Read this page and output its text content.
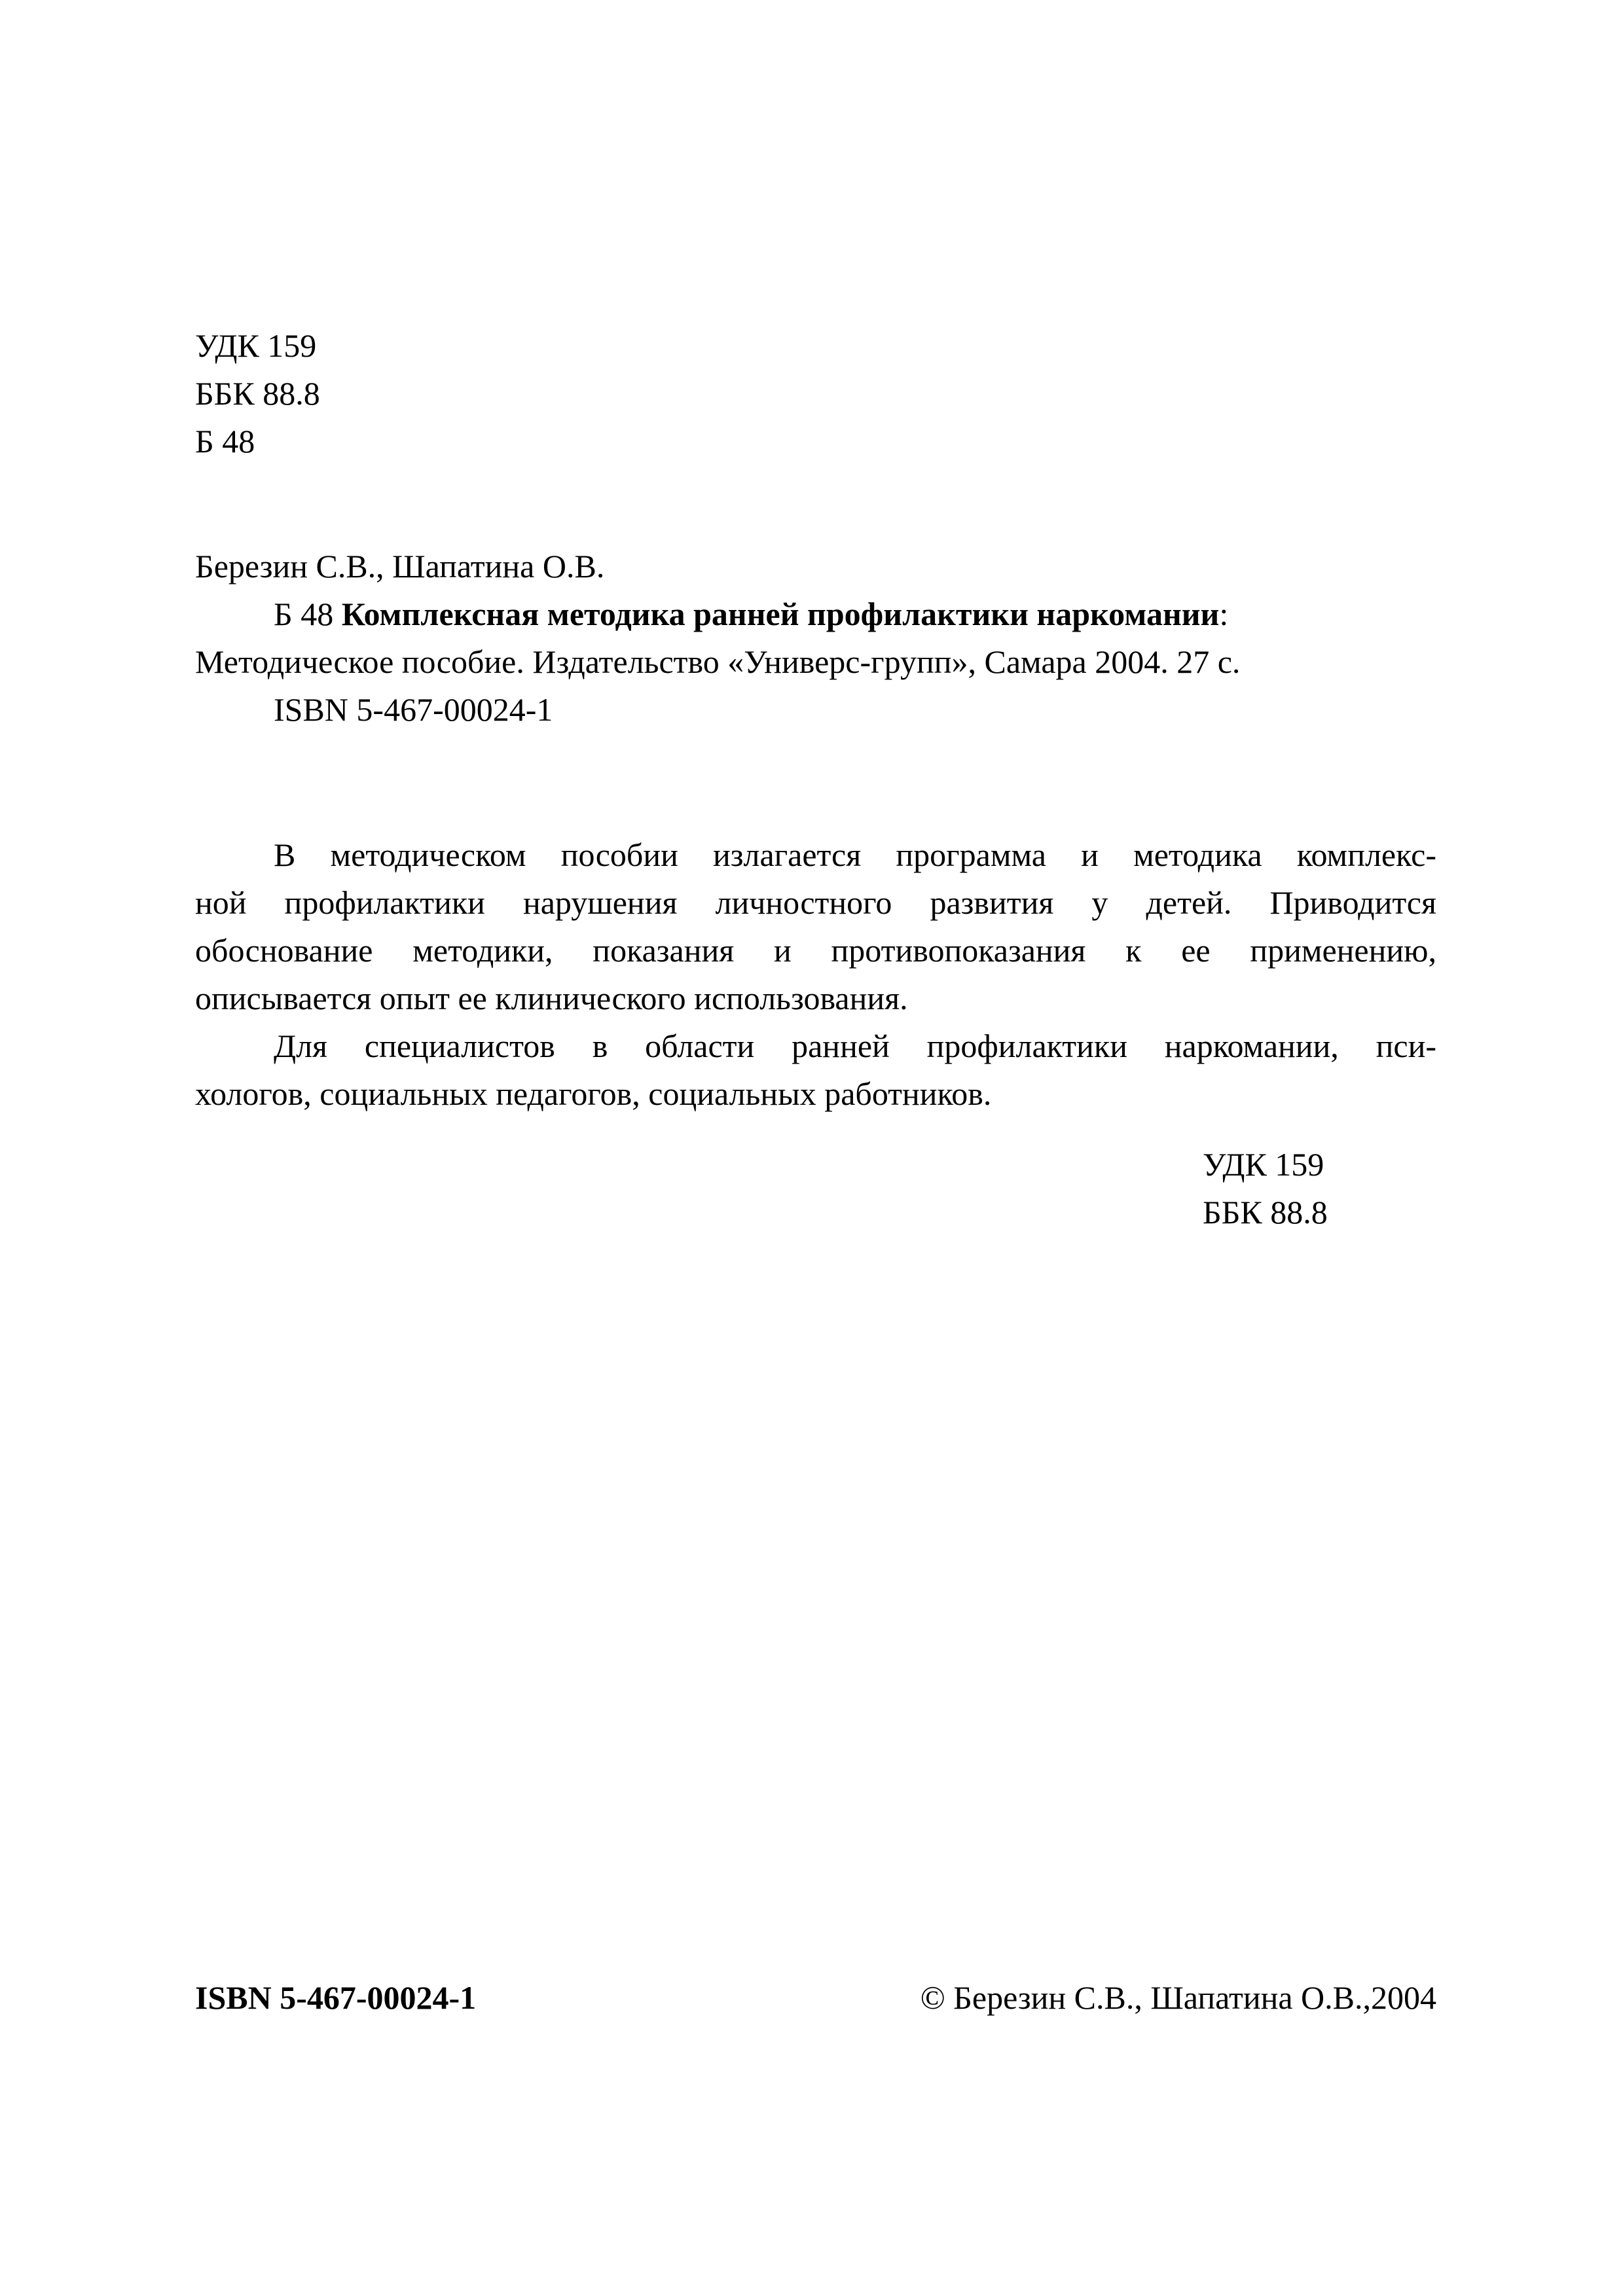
УДК 159
ББК 88.8
Б 48
Березин С.В., Шапатина О.В.
Б 48 Комплексная методика ранней профилактики наркомании:
Методическое пособие. Издательство «Универс-групп», Самара 2004. 27 с.
ISBN 5-467-00024-1
В методическом пособии излагается программа и методика комплекс-
ной профилактики нарушения личностного развития у детей. Приводится
обоснование методики, показания и противопоказания к ее применению,
описывается опыт ее клинического использования.
Для специалистов в области ранней профилактики наркомании, пси-
хологов, социальных педагогов, социальных работников.
УДК 159
ББК 88.8
ISBN 5-467-00024-1	© Березин С.В., Шапатина О.В.,2004
